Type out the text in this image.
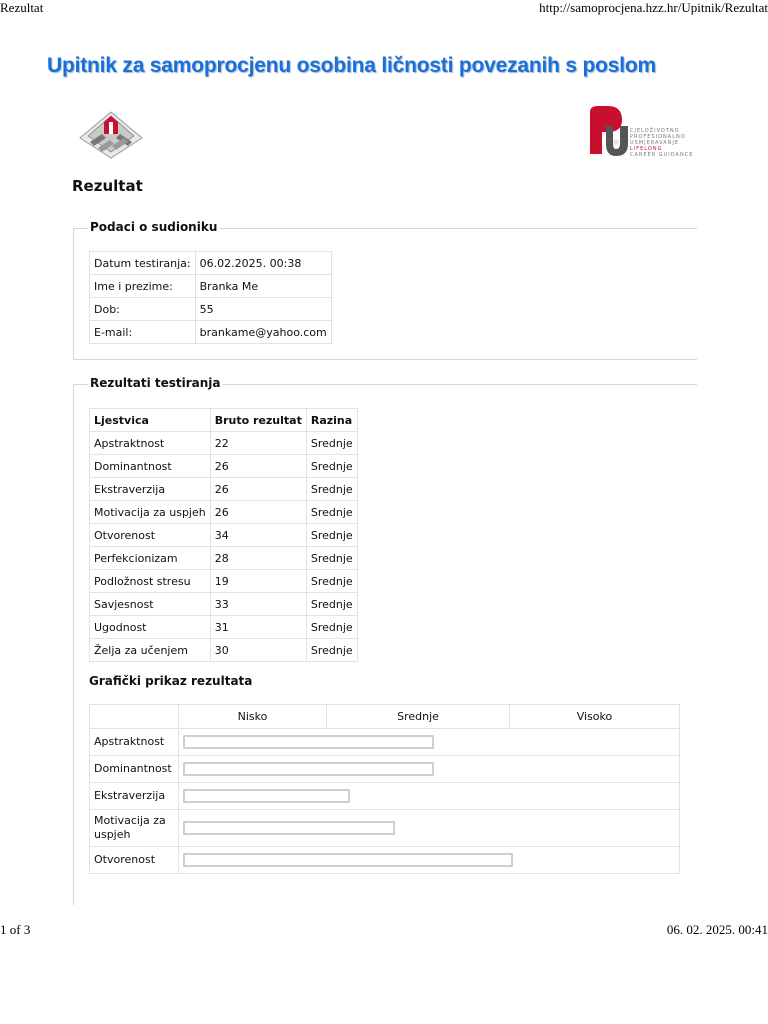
Rezultat	http://samoprocjena.hzz.hr/Upitnik/Rezultat
Upitnik za samoprocjenu osobina ličnosti povezanih s poslom
CJELOŽIVOTNO
PROFESIONALNO
USMJERAVANJE
LIFELONG
CAREER GUIDANCE
Rezultat
Podaci o sudioniku
Datum testiranja:	06.02.2025. 00:38
Ime i prezime:	Branka Me
Dob:	55
E-mail:	brankame@yahoo.com
Rezultati testiranja
Ljestvica	Bruto rezultat	Razina
Apstraktnost	22	Srednje
Dominantnost	26	Srednje
Ekstraverzija	26	Srednje
Motivacija za uspjeh	26	Srednje
Otvorenost	34	Srednje
Perfekcionizam	28	Srednje
Podložnost stresu	19	Srednje
Savjesnost	33	Srednje
Ugodnost	31	Srednje
Želja za učenjem	30	Srednje
Grafički prikaz rezultata
	Nisko	Srednje	Visoko
Apstraktnost			

Dominantnost			

Ekstraverzija			

Motivacija za uspjeh			

Otvorenost			
1 of 3	06. 02. 2025. 00:41
